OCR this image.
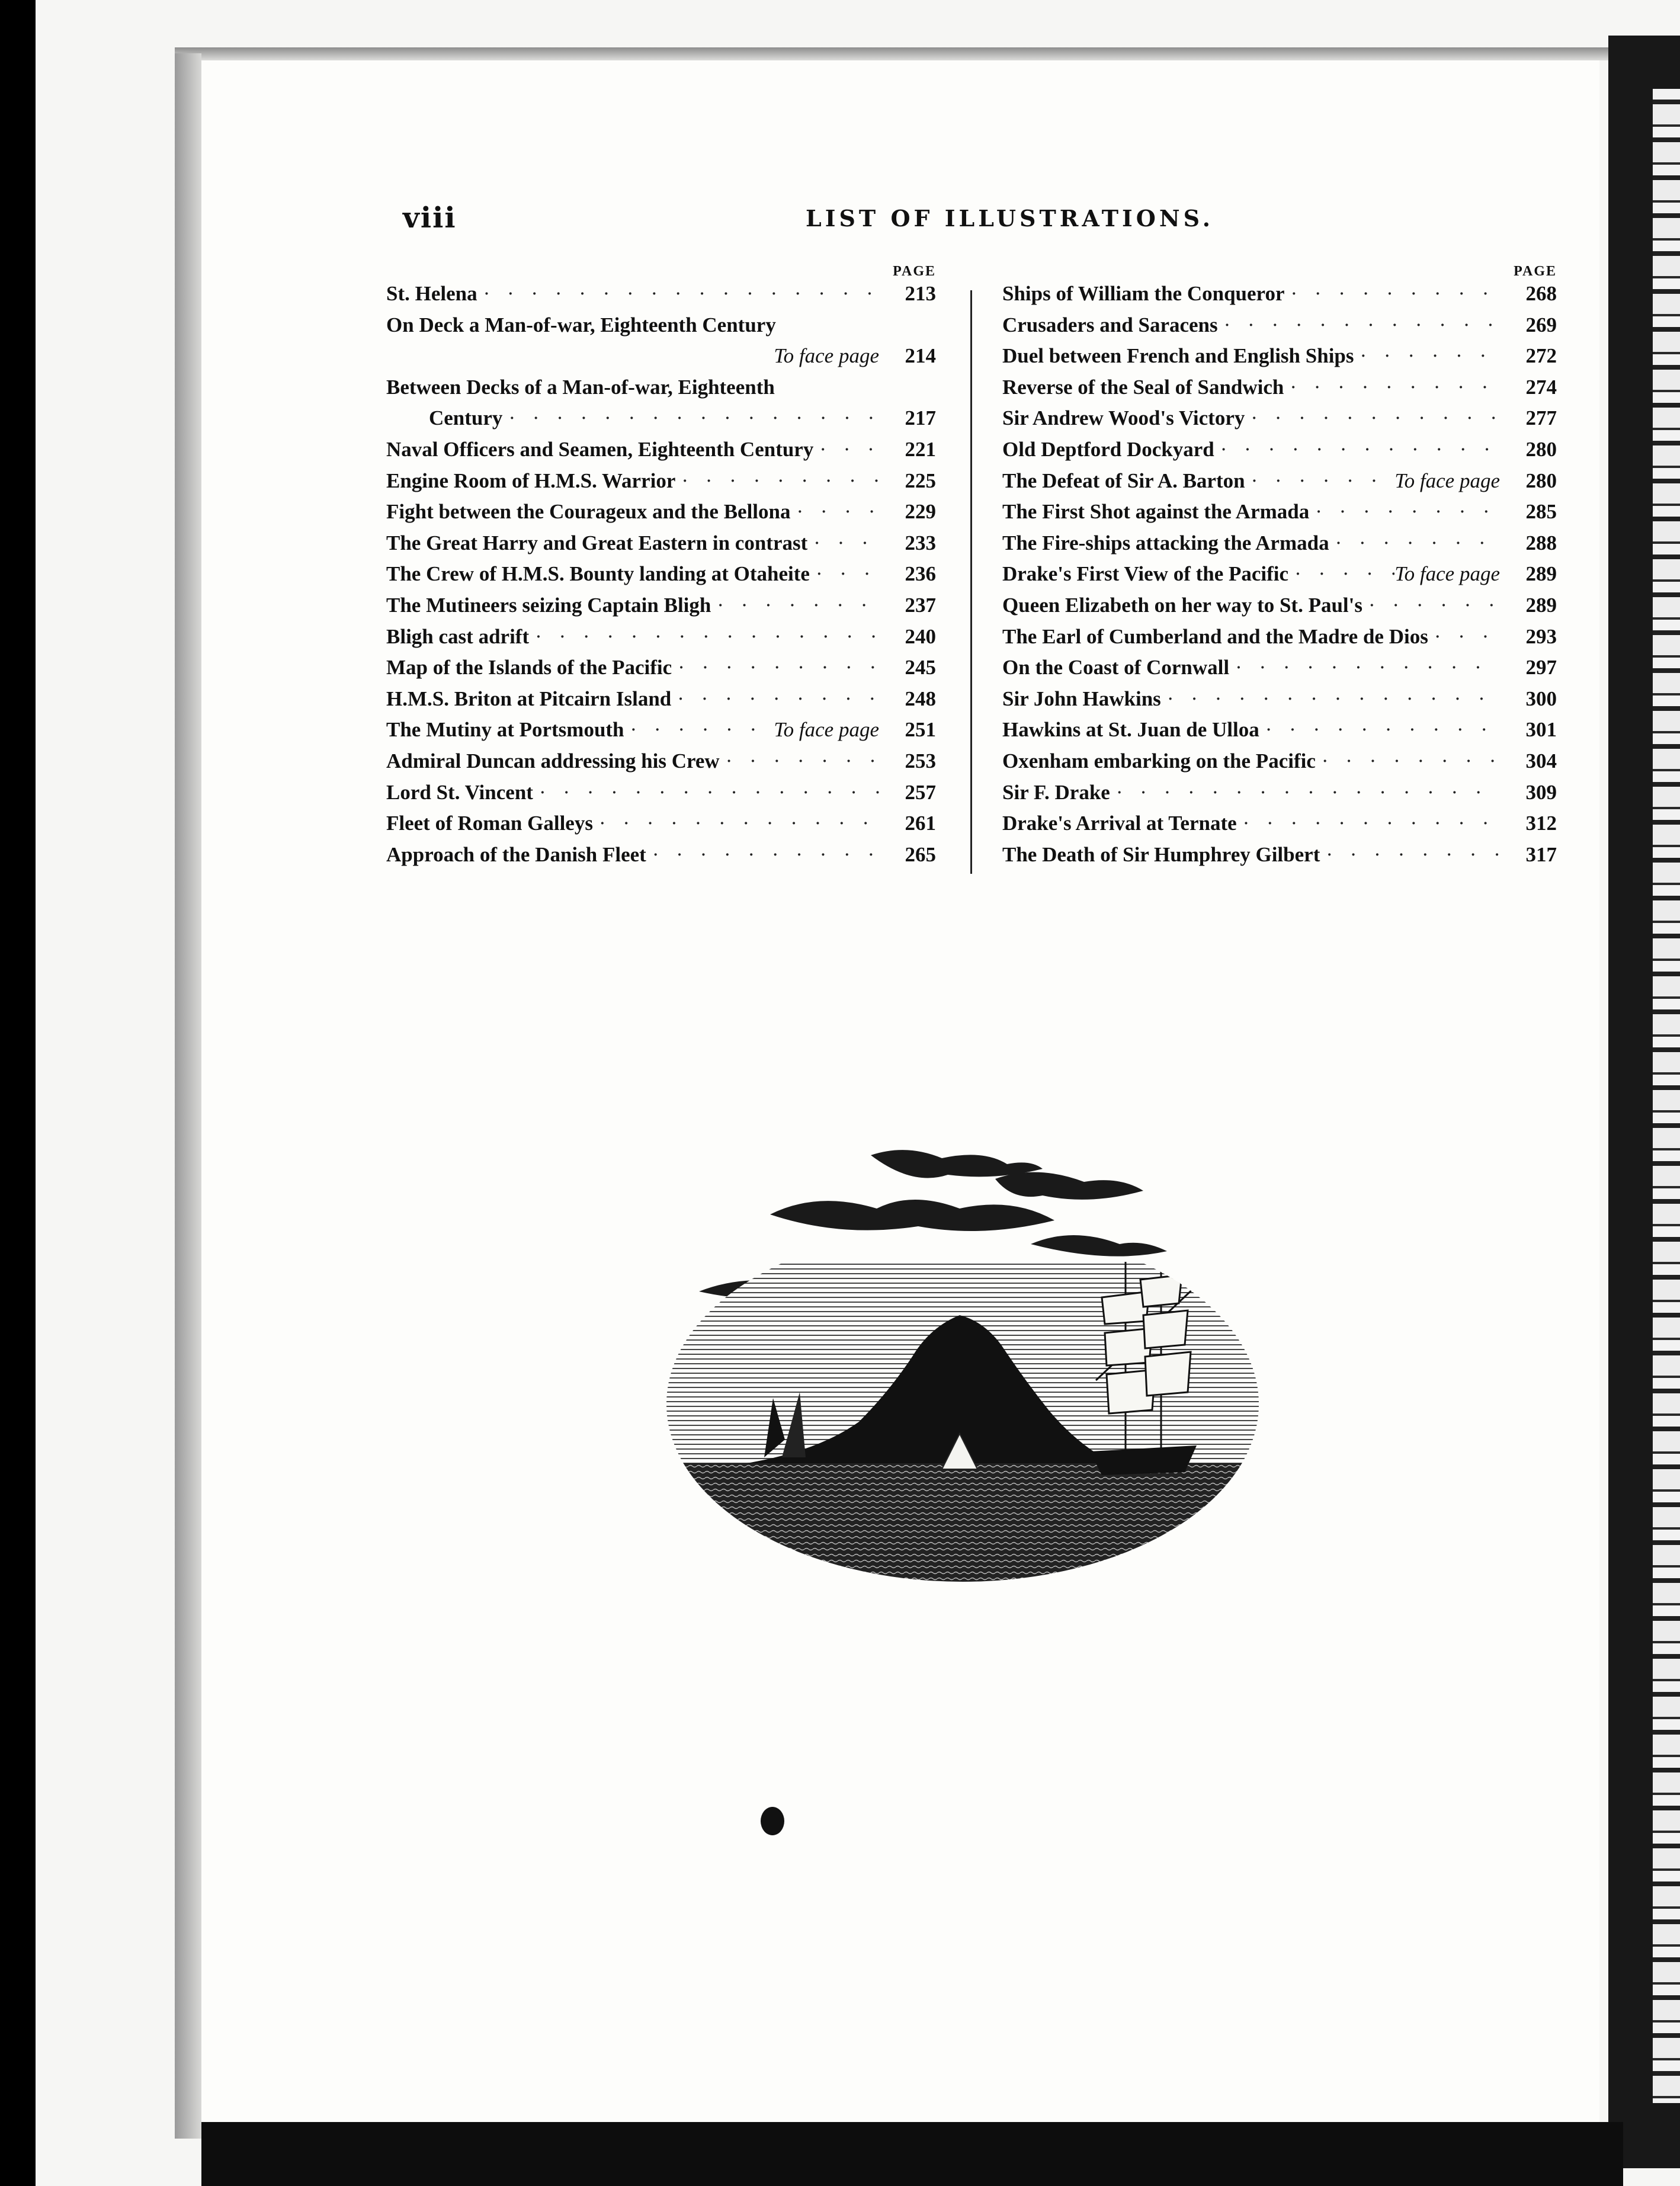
viii	LIST OF ILLUSTRATIONS.
PAGE
St. Helena · · ·	213
On Deck a Man-of-war, Eighteenth Century
To face page	214
Between Decks of a Man-of-war, Eighteenth
Century · · ·	217
Naval Officers and Seamen, Eighteenth Century · · ·	221
Engine Room of H.M.S. Warrior · · ·	225
Fight between the Courageux and the Bellona · · ·	229
The Great Harry and Great Eastern in contrast · · ·	233
The Crew of H.M.S. Bounty landing at Otaheite · · ·	236
The Mutineers seizing Captain Bligh · · ·	237
Bligh cast adrift · · ·	240
Map of the Islands of the Pacific · · ·	245
H.M.S. Briton at Pitcairn Island · · ·	248
The Mutiny at Portsmouth · · ·	To face page	251
Admiral Duncan addressing his Crew · · ·	253
Lord St. Vincent · · ·	257
Fleet of Roman Galleys · · ·	261
Approach of the Danish Fleet · · ·	265
PAGE
Ships of William the Conqueror · · ·	268
Crusaders and Saracens · · ·	269
Duel between French and English Ships · · ·	272
Reverse of the Seal of Sandwich · · ·	274
Sir Andrew Wood's Victory · · ·	277
Old Deptford Dockyard · · ·	280
The Defeat of Sir A. Barton · · ·	To face page	280
The First Shot against the Armada · · ·	285
The Fire-ships attacking the Armada · · ·	288
Drake's First View of the Pacific · · ·	To face page	289
Queen Elizabeth on her way to St. Paul's · · ·	289
The Earl of Cumberland and the Madre de Dios · · ·	293
On the Coast of Cornwall · · ·	297
Sir John Hawkins · · ·	300
Hawkins at St. Juan de Ulloa · · ·	301
Oxenham embarking on the Pacific · · ·	304
Sir F. Drake · · ·	309
Drake's Arrival at Ternate · · ·	312
The Death of Sir Humphrey Gilbert · · ·	317
